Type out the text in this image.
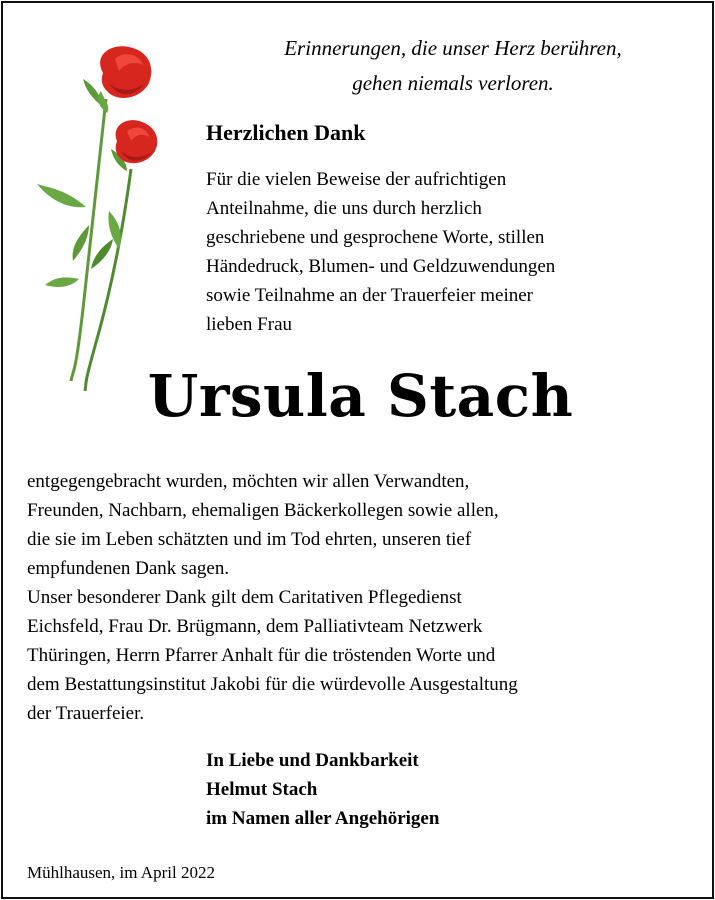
Erinnerungen, die unser Herz berühren,
gehen niemals verloren.
Herzlichen Dank
Für die vielen Beweise der aufrichtigen
Anteilnahme, die uns durch herzlich
geschriebene und gesprochene Worte, stillen
Händedruck, Blumen- und Geldzuwendungen
sowie Teilnahme an der Trauerfeier meiner
lieben Frau
Ursula Stach
entgegengebracht wurden, möchten wir allen Verwandten,
Freunden, Nachbarn, ehemaligen Bäckerkollegen sowie allen,
die sie im Leben schätzten und im Tod ehrten, unseren tief
empfundenen Dank sagen.
Unser besonderer Dank gilt dem Caritativen Pflegedienst
Eichsfeld, Frau Dr. Brügmann, dem Palliativteam Netzwerk
Thüringen, Herrn Pfarrer Anhalt für die tröstenden Worte und
dem Bestattungsinstitut Jakobi für die würdevolle Ausgestaltung
der Trauerfeier.
In Liebe und Dankbarkeit
Helmut Stach
im Namen aller Angehörigen
Mühlhausen, im April 2022
